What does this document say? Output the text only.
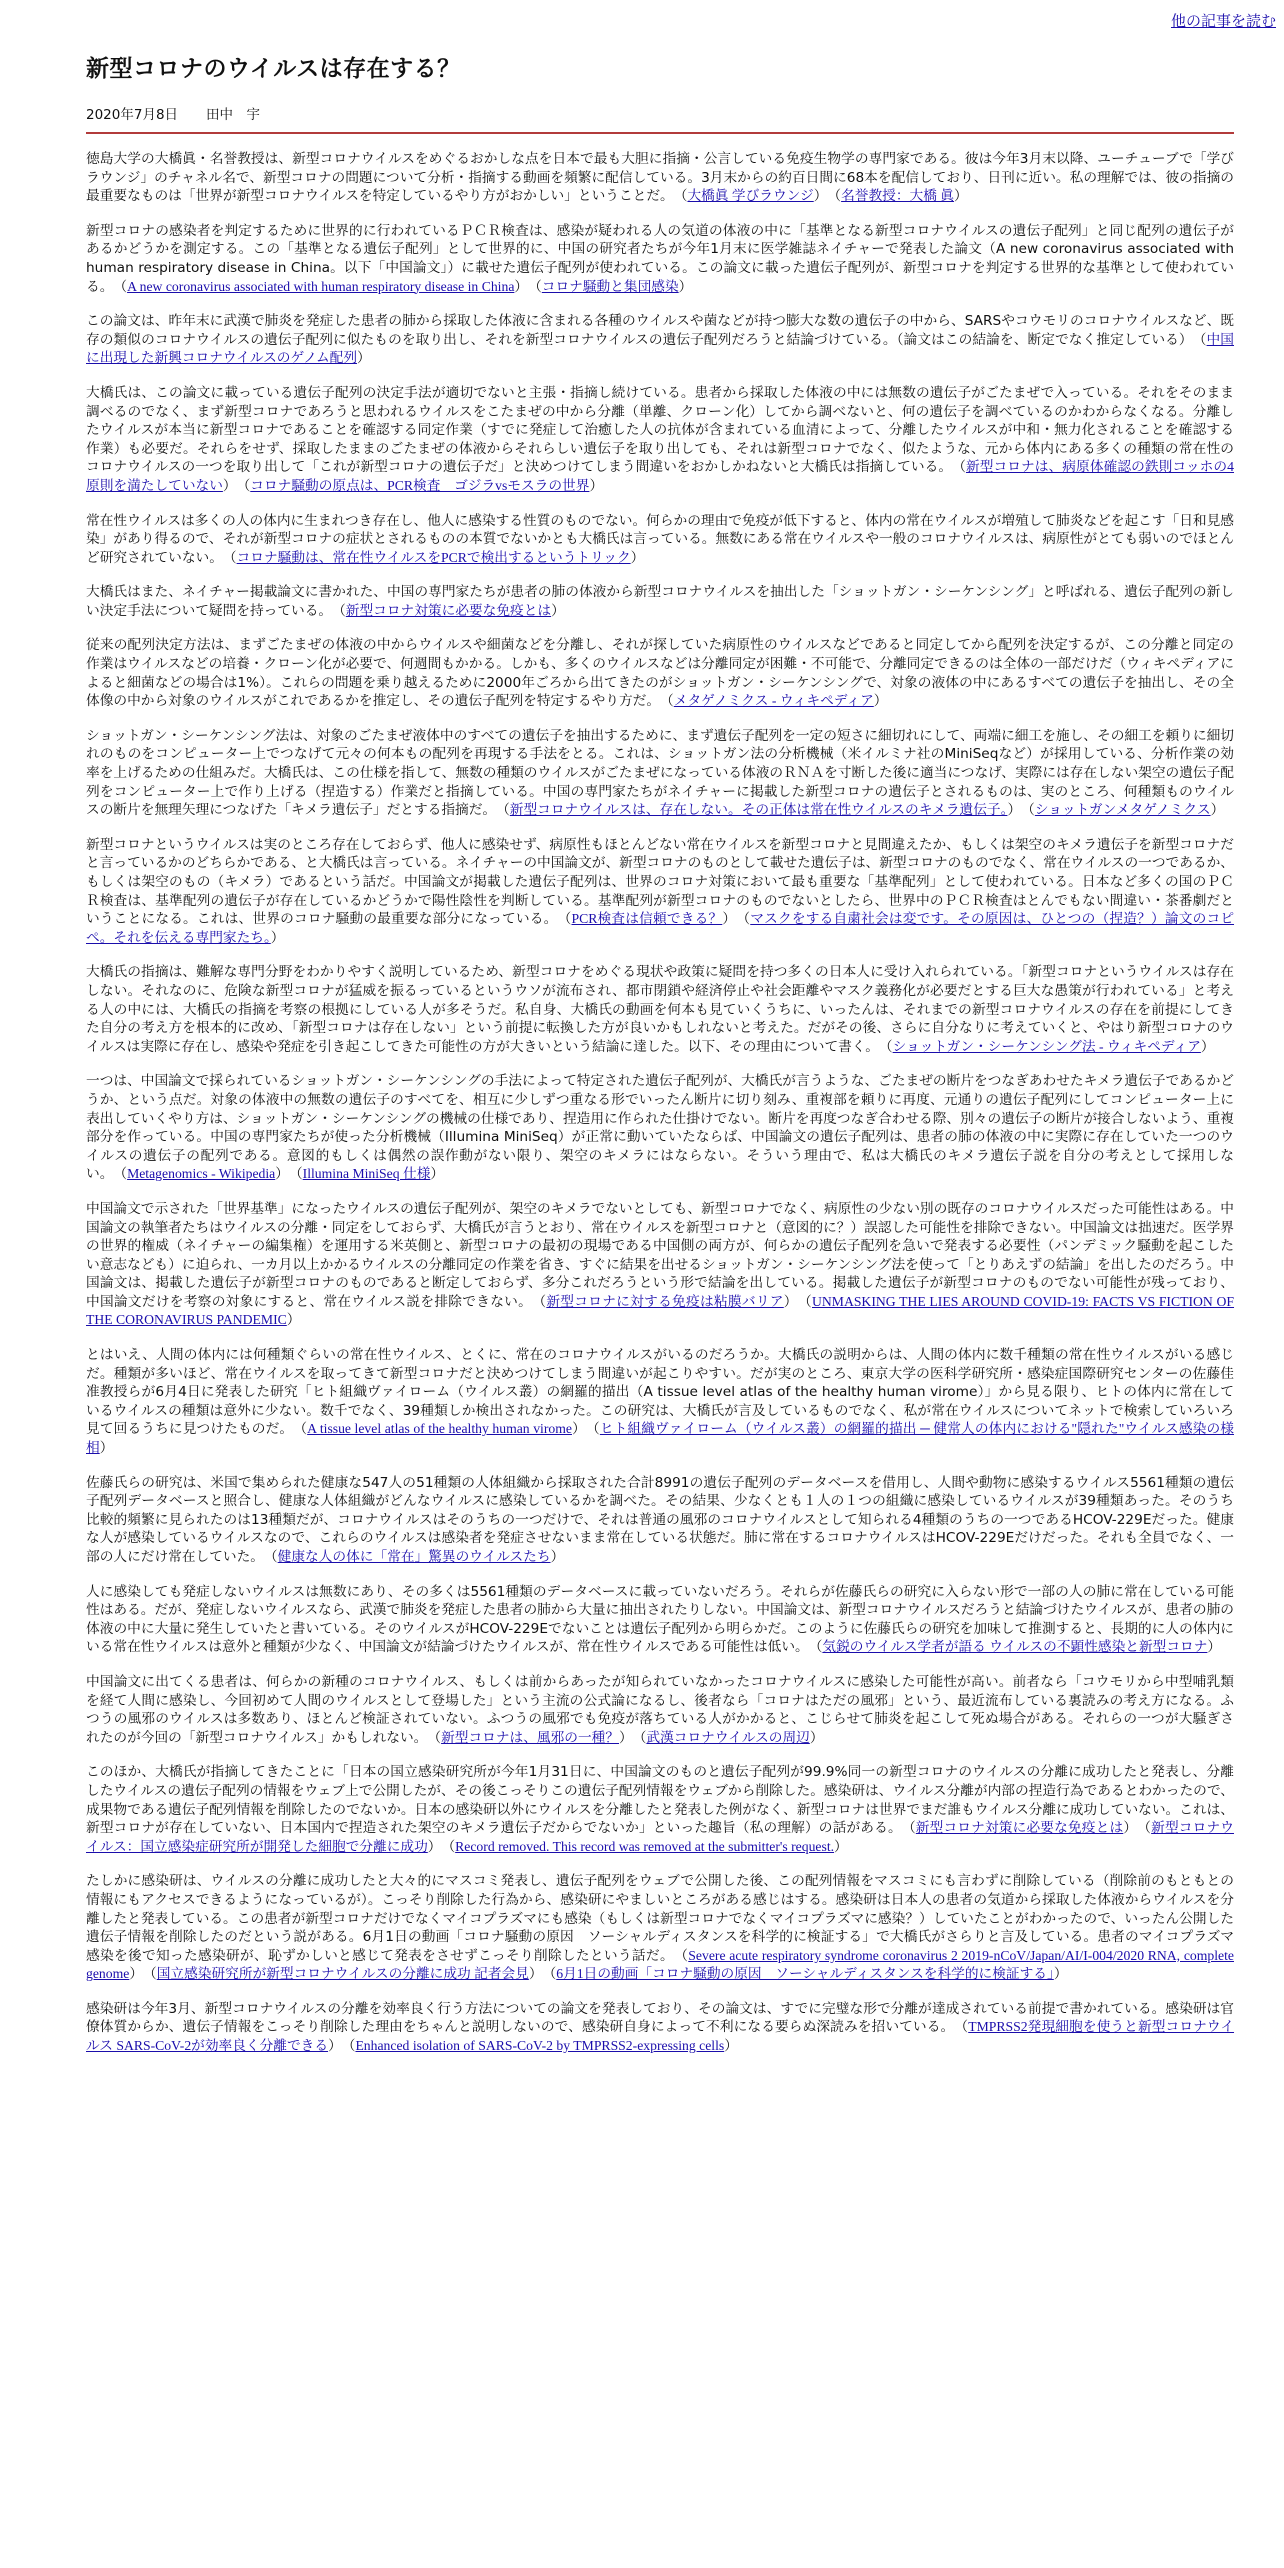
他の記事を読む
新型コロナのウイルスは存在する？
2020年7月8日 田中　宇

徳島大学の大橋眞・名誉教授は、新型コロナウイルスをめぐるおかしな点を日本で最も大胆に指摘・公言している免疫生物学の専門家である。彼は今年3月末以降、ユーチューブで「学びラウンジ」のチャネル名で、新型コロナの問題について分析・指摘する動画を頻繁に配信している。3月末からの約百日間に68本を配信しており、日刊に近い。私の理解では、彼の指摘の最重要なものは「世界が新型コロナウイルスを特定しているやり方がおかしい」ということだ。　（大橋眞 学びラウンジ）　（名誉教授：大橋 眞）

新型コロナの感染者を判定するために世界的に行われているＰＣＲ検査は、感染が疑われる人の気道の体液の中に「基準となる新型コロナウイルスの遺伝子配列」と同じ配列の遺伝子があるかどうかを測定する。この「基準となる遺伝子配列」として世界的に、中国の研究者たちが今年1月末に医学雑誌ネイチャーで発表した論文（A new coronavirus associated with human respiratory disease in China。以下「中国論文」）に載せた遺伝子配列が使われている。この論文に載った遺伝子配列が、新型コロナを判定する世界的な基準として使われている。　（A new coronavirus associated with human respiratory disease in China）　（コロナ騒動と集団感染）

この論文は、昨年末に武漢で肺炎を発症した患者の肺から採取した体液に含まれる各種のウイルスや菌などが持つ膨大な数の遺伝子の中から、SARSやコウモリのコロナウイルスなど、既存の類似のコロナウイルスの遺伝子配列に似たものを取り出し、それを新型コロナウイルスの遺伝子配列だろうと結論づけている。（論文はこの結論を、断定でなく推定している）　（中国に出現した新興コロナウイルスのゲノム配列）

大橋氏は、この論文に載っている遺伝子配列の決定手法が適切でないと主張・指摘し続けている。患者から採取した体液の中には無数の遺伝子がごたまぜで入っている。それをそのまま調べるのでなく、まず新型コロナであろうと思われるウイルスをこたまぜの中から分離（単離、クローン化）してから調べないと、何の遺伝子を調べているのかわからなくなる。分離したウイルスが本当に新型コロナであることを確認する同定作業（すでに発症して治癒した人の抗体が含まれている血清によって、分離したウイルスが中和・無力化されることを確認する作業）も必要だ。それらをせず、採取したままのごたまぜの体液からそれらしい遺伝子を取り出しても、それは新型コロナでなく、似たような、元から体内にある多くの種類の常在性のコロナウイルスの一つを取り出して「これが新型コロナの遺伝子だ」と決めつけてしまう間違いをおかしかねないと大橋氏は指摘している。　（新型コロナは、病原体確認の鉄則コッホの4原則を満たしていない）　（コロナ騒動の原点は、PCR検査　ゴジラvsモスラの世界）

常在性ウイルスは多くの人の体内に生まれつき存在し、他人に感染する性質のものでない。何らかの理由で免疫が低下すると、体内の常在ウイルスが増殖して肺炎などを起こす「日和見感染」があり得るので、それが新型コロナの症状とされるものの本質でないかとも大橋氏は言っている。無数にある常在ウイルスや一般のコロナウイルスは、病原性がとても弱いのでほとんど研究されていない。　（コロナ騒動は、常在性ウイルスをPCRで検出するというトリック）

大橋氏はまた、ネイチャー掲載論文に書かれた、中国の専門家たちが患者の肺の体液から新型コロナウイルスを抽出した「ショットガン・シーケンシング」と呼ばれる、遺伝子配列の新しい決定手法について疑問を持っている。　（新型コロナ対策に必要な免疫とは）

従来の配列決定方法は、まずごたまぜの体液の中からウイルスや細菌などを分離し、それが探していた病原性のウイルスなどであると同定してから配列を決定するが、この分離と同定の作業はウイルスなどの培養・クローン化が必要で、何週間もかかる。しかも、多くのウイルスなどは分離同定が困難・不可能で、分離同定できるのは全体の一部だけだ（ウィキペディアによると細菌などの場合は1%）。これらの問題を乗り越えるために2000年ごろから出てきたのがショットガン・シーケンシングで、対象の液体の中にあるすべての遺伝子を抽出し、その全体像の中から対象のウイルスがこれであるかを推定し、その遺伝子配列を特定するやり方だ。　（メタゲノミクス - ウィキペディア）

ショットガン・シーケンシング法は、対象のごたまぜ液体中のすべての遺伝子を抽出するために、まず遺伝子配列を一定の短さに細切れにして、両端に細工を施し、その細工を頼りに細切れのものをコンピューター上でつなげて元々の何本もの配列を再現する手法をとる。これは、ショットガン法の分析機械（米イルミナ社のMiniSeqなど）が採用している、分析作業の効率を上げるための仕組みだ。大橋氏は、この仕様を指して、無数の種類のウイルスがごたまぜになっている体液のＲＮＡを寸断した後に適当につなげ、実際には存在しない架空の遺伝子配列をコンピューター上で作り上げる（捏造する）作業だと指摘している。中国の専門家たちがネイチャーに掲載した新型コロナの遺伝子とされるものは、実のところ、何種類ものウイルスの断片を無理矢理につなげた「キメラ遺伝子」だとする指摘だ。　（新型コロナウイルスは、存在しない。その正体は常在性ウイルスのキメラ遺伝子。）　（ショットガンメタゲノミクス）

新型コロナというウイルスは実のところ存在しておらず、他人に感染せず、病原性もほとんどない常在ウイルスを新型コロナと見間違えたか、もしくは架空のキメラ遺伝子を新型コロナだと言っているかのどちらかである、と大橋氏は言っている。ネイチャーの中国論文が、新型コロナのものとして載せた遺伝子は、新型コロナのものでなく、常在ウイルスの一つであるか、もしくは架空のもの（キメラ）であるという話だ。中国論文が掲載した遺伝子配列は、世界のコロナ対策において最も重要な「基準配列」として使われている。日本など多くの国のＰＣＲ検査は、基準配列の遺伝子が存在しているかどうかで陽性陰性を判断している。基準配列が新型コロナのものでないとしたら、世界中のＰＣＲ検査はとんでもない間違い・茶番劇だということになる。これは、世界のコロナ騒動の最重要な部分になっている。　（PCR検査は信頼できる？）　（マスクをする自粛社会は変です。その原因は、ひとつの（捏造？）論文のコピペ。それを伝える専門家たち。）

大橋氏の指摘は、難解な専門分野をわかりやすく説明しているため、新型コロナをめぐる現状や政策に疑問を持つ多くの日本人に受け入れられている。「新型コロナというウイルスは存在しない。それなのに、危険な新型コロナが猛威を振るっているというウソが流布され、都市閉鎖や経済停止や社会距離やマスク義務化が必要だとする巨大な愚策が行われている」と考える人の中には、大橋氏の指摘を考察の根拠にしている人が多そうだ。私自身、大橋氏の動画を何本も見ていくうちに、いったんは、それまでの新型コロナウイルスの存在を前提にしてきた自分の考え方を根本的に改め、「新型コロナは存在しない」という前提に転換した方が良いかもしれないと考えた。だがその後、さらに自分なりに考えていくと、やはり新型コロナのウイルスは実際に存在し、感染や発症を引き起こしてきた可能性の方が大きいという結論に達した。以下、その理由について書く。　（ショットガン・シーケンシング法 - ウィキペディア）

一つは、中国論文で採られているショットガン・シーケンシングの手法によって特定された遺伝子配列が、大橋氏が言うような、ごたまぜの断片をつなぎあわせたキメラ遺伝子であるかどうか、という点だ。対象の体液中の無数の遺伝子のすべてを、相互に少しずつ重なる形でいったん断片に切り刻み、重複部を頼りに再度、元通りの遺伝子配列にしてコンピューター上に表出していくやり方は、ショットガン・シーケンシングの機械の仕様であり、捏造用に作られた仕掛けでない。断片を再度つなぎ合わせる際、別々の遺伝子の断片が接合しないよう、重複部分を作っている。中国の専門家たちが使った分析機械（Illumina MiniSeq）が正常に動いていたならば、中国論文の遺伝子配列は、患者の肺の体液の中に実際に存在していた一つのウイルスの遺伝子の配列である。意図的もしくは偶然の誤作動がない限り、架空のキメラにはならない。そういう理由で、私は大橋氏のキメラ遺伝子説を自分の考えとして採用しない。　（Metagenomics - Wikipedia）　（Illumina MiniSeq 仕様）

中国論文で示された「世界基準」になったウイルスの遺伝子配列が、架空のキメラでないとしても、新型コロナでなく、病原性の少ない別の既存のコロナウイルスだった可能性はある。中国論文の執筆者たちはウイルスの分離・同定をしておらず、大橋氏が言うとおり、常在ウイルスを新型コロナと（意図的に？）誤認した可能性を排除できない。中国論文は拙速だ。医学界の世界的権威（ネイチャーの編集権）を運用する米英側と、新型コロナの最初の現場である中国側の両方が、何らかの遺伝子配列を急いで発表する必要性（パンデミック騒動を起こしたい意志なども）に迫られ、一カ月以上かかるウイルスの分離同定の作業を省き、すぐに結果を出せるショットガン・シーケンシング法を使って「とりあえずの結論」を出したのだろう。中国論文は、掲載した遺伝子が新型コロナのものであると断定しておらず、多分これだろうという形で結論を出している。掲載した遺伝子が新型コロナのものでない可能性が残っており、中国論文だけを考察の対象にすると、常在ウイルス説を排除できない。　（新型コロナに対する免疫は粘膜バリア）　（UNMASKING THE LIES AROUND COVID-19: FACTS VS FICTION OF THE CORONAVIRUS PANDEMIC）

とはいえ、人間の体内には何種類ぐらいの常在性ウイルス、とくに、常在のコロナウイルスがいるのだろうか。大橋氏の説明からは、人間の体内に数千種類の常在性ウイルスがいる感じだ。種類が多いほど、常在ウイルスを取ってきて新型コロナだと決めつけてしまう間違いが起こりやすい。だが実のところ、東京大学の医科学研究所・感染症国際研究センターの佐藤佳准教授らが6月4日に発表した研究「ヒト組織ヴァイローム（ウイルス叢）の網羅的描出（A tissue level atlas of the healthy human virome）」から見る限り、ヒトの体内に常在しているウイルスの種類は意外に少ない。数千でなく、39種類しか検出されなかった。この研究は、大橋氏が言及しているものでなく、私が常在ウイルスについてネットで検索していろいろ見て回るうちに見つけたものだ。　（A tissue level atlas of the healthy human virome）　（ヒト組織ヴァイローム（ウイルス叢）の網羅的描出 ─ 健常人の体内における"隠れた"ウイルス感染の様相）

佐藤氏らの研究は、米国で集められた健康な547人の51種類の人体組織から採取された合計8991の遺伝子配列のデータベースを借用し、人間や動物に感染するウイルス5561種類の遺伝子配列データベースと照合し、健康な人体組織がどんなウイルスに感染しているかを調べた。その結果、少なくとも１人の１つの組織に感染しているウイルスが39種類あった。そのうち比較的頻繁に見られたのは13種類だが、コロナウイルスはそのうちの一つだけで、それは普通の風邪のコロナウイルスとして知られる4種類のうちの一つであるHCOV-229Eだった。健康な人が感染しているウイルスなので、これらのウイルスは感染者を発症させないまま常在している状態だ。肺に常在するコロナウイルスはHCOV-229Eだけだった。それも全員でなく、一部の人にだけ常在していた。　（健康な人の体に「常在」驚異のウイルスたち）

人に感染しても発症しないウイルスは無数にあり、その多くは5561種類のデータベースに載っていないだろう。それらが佐藤氏らの研究に入らない形で一部の人の肺に常在している可能性はある。だが、発症しないウイルスなら、武漢で肺炎を発症した患者の肺から大量に抽出されたりしない。中国論文は、新型コロナウイルスだろうと結論づけたウイルスが、患者の肺の体液の中に大量に発生していたと書いている。そのウイルスがHCOV-229Eでないことは遺伝子配列から明らかだ。このように佐藤氏らの研究を加味して推測すると、長期的に人の体内にいる常在性ウイルスは意外と種類が少なく、中国論文が結論づけたウイルスが、常在性ウイルスである可能性は低い。　（気鋭のウイルス学者が語る ウイルスの不顕性感染と新型コロナ）

中国論文に出てくる患者は、何らかの新種のコロナウイルス、もしくは前からあったが知られていなかったコロナウイルスに感染した可能性が高い。前者なら「コウモリから中型哺乳類を経て人間に感染し、今回初めて人間のウイルスとして登場した」という主流の公式論になるし、後者なら「コロナはただの風邪」という、最近流布している裏読みの考え方になる。ふつうの風邪のウイルスは多数あり、ほとんど検証されていない。ふつうの風邪でも免疫が落ちている人がかかると、こじらせて肺炎を起こして死ぬ場合がある。それらの一つが大騒ぎされたのが今回の「新型コロナウイルス」かもしれない。　（新型コロナは、風邪の一種？）　（武漢コロナウイルスの周辺）

このほか、大橋氏が指摘してきたことに「日本の国立感染研究所が今年1月31日に、中国論文のものと遺伝子配列が99.9%同一の新型コロナのウイルスの分離に成功したと発表し、分離したウイルスの遺伝子配列の情報をウェブ上で公開したが、その後こっそりこの遺伝子配列情報をウェブから削除した。感染研は、ウイルス分離が内部の捏造行為であるとわかったので、成果物である遺伝子配列情報を削除したのでないか。日本の感染研以外にウイルスを分離したと発表した例がなく、新型コロナは世界でまだ誰もウイルス分離に成功していない。これは、新型コロナが存在していない、日本国内で捏造された架空のキメラ遺伝子だからでないか」といった趣旨（私の理解）の話がある。　（新型コロナ対策に必要な免疫とは）　（新型コロナウイルス：国立感染症研究所が開発した細胞で分離に成功）　（Record removed. This record was removed at the submitter's request.）

たしかに感染研は、ウイルスの分離に成功したと大々的にマスコミ発表し、遺伝子配列をウェブで公開した後、この配列情報をマスコミにも言わずに削除している（削除前のもともとの情報にもアクセスできるようになっているが）。こっそり削除した行為から、感染研にやましいところがある感じはする。感染研は日本人の患者の気道から採取した体液からウイルスを分離したと発表している。この患者が新型コロナだけでなくマイコプラズマにも感染（もしくは新型コロナでなくマイコプラズマに感染？）していたことがわかったので、いったん公開した遺伝子情報を削除したのだという説がある。6月1日の動画「コロナ騒動の原因　ソーシャルディスタンスを科学的に検証する」で大橋氏がさらりと言及している。患者のマイコプラズマ感染を後で知った感染研が、恥ずかしいと感じて発表をさせずこっそり削除したという話だ。　（Severe acute respiratory syndrome coronavirus 2 2019-nCoV/Japan/AI/I-004/2020 RNA, complete genome）　（国立感染研究所が新型コロナウイルスの分離に成功 記者会見）　（6月1日の動画「コロナ騒動の原因　ソーシャルディスタンスを科学的に検証する」）

感染研は今年3月、新型コロナウイルスの分離を効率良く行う方法についての論文を発表しており、その論文は、すでに完璧な形で分離が達成されている前提で書かれている。感染研は官僚体質からか、遺伝子情報をこっそり削除した理由をちゃんと説明しないので、感染研自身によって不利になる要らぬ深読みを招いている。　（TMPRSS2発現細胞を使うと新型コロナウイルス SARS-CoV-2が効率良く分離できる）　（Enhanced isolation of SARS-CoV-2 by TMPRSS2-expressing cells）
